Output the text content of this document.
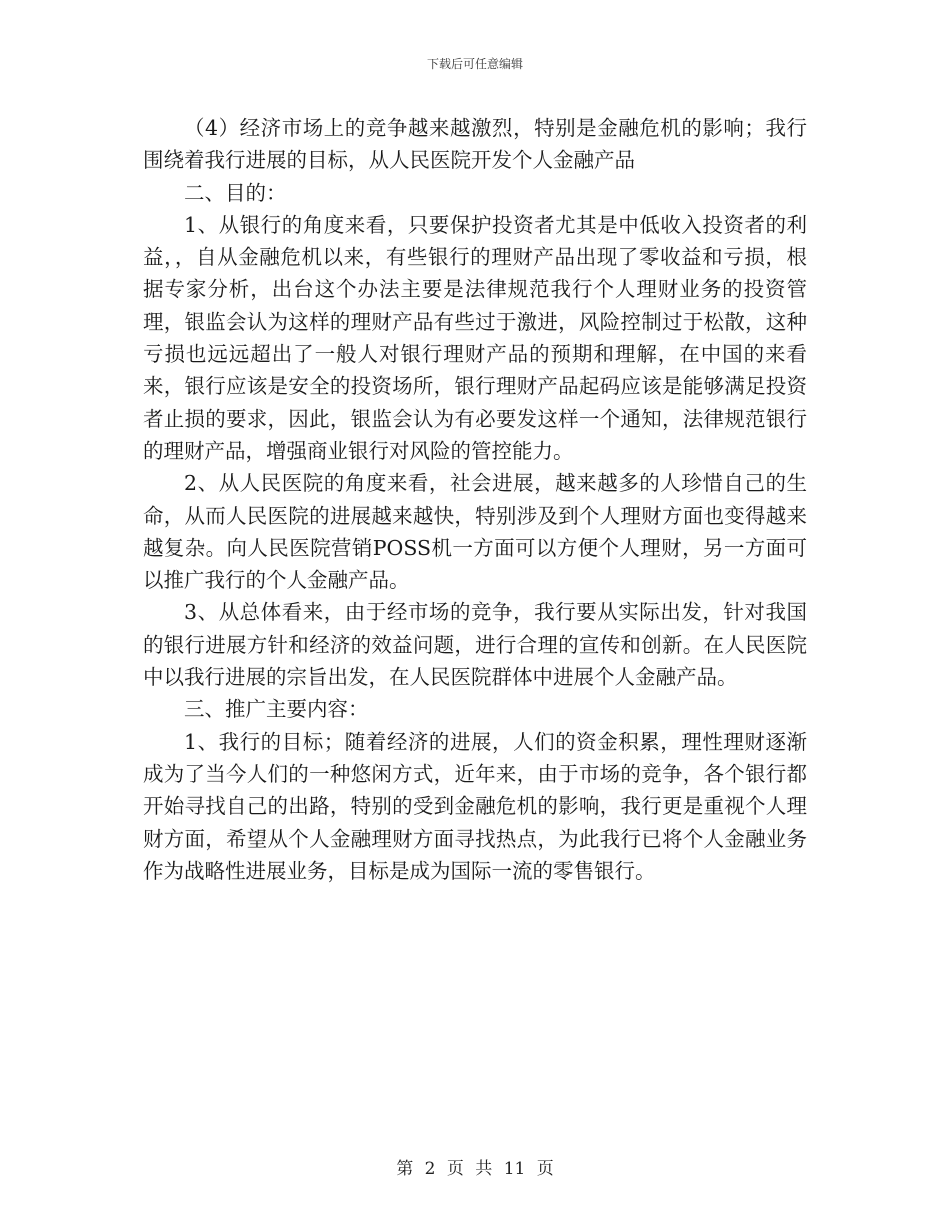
下载后可任意编辑

（4）经济市场上的竞争越来越激烈，特别是金融危机的影响；我行围绕着我行进展的目标，从人民医院开发个人金融产品

二、目的：

1、从银行的角度来看，只要保护投资者尤其是中低收入投资者的利益，，自从金融危机以来，有些银行的理财产品出现了零收益和亏损，根据专家分析，出台这个办法主要是法律规范我行个人理财业务的投资管理，银监会认为这样的理财产品有些过于激进，风险控制过于松散，这种亏损也远远超出了一般人对银行理财产品的预期和理解，在中国的来看来，银行应该是安全的投资场所，银行理财产品起码应该是能够满足投资者止损的要求，因此，银监会认为有必要发这样一个通知，法律规范银行的理财产品，增强商业银行对风险的管控能力。

2、从人民医院的角度来看，社会进展，越来越多的人珍惜自己的生命，从而人民医院的进展越来越快，特别涉及到个人理财方面也变得越来越复杂。向人民医院营销POSS机一方面可以方便个人理财，另一方面可以推广我行的个人金融产品。

3、从总体看来，由于经市场的竞争，我行要从实际出发，针对我国的银行进展方针和经济的效益问题，进行合理的宣传和创新。在人民医院中以我行进展的宗旨出发，在人民医院群体中进展个人金融产品。

三、推广主要内容：

1、我行的目标；随着经济的进展，人们的资金积累，理性理财逐渐成为了当今人们的一种悠闲方式，近年来，由于市场的竞争，各个银行都开始寻找自己的出路，特别的受到金融危机的影响，我行更是重视个人理财方面，希望从个人金融理财方面寻找热点，为此我行已将个人金融业务作为战略性进展业务，目标是成为国际一流的零售银行。

第 2 页 共 11 页
